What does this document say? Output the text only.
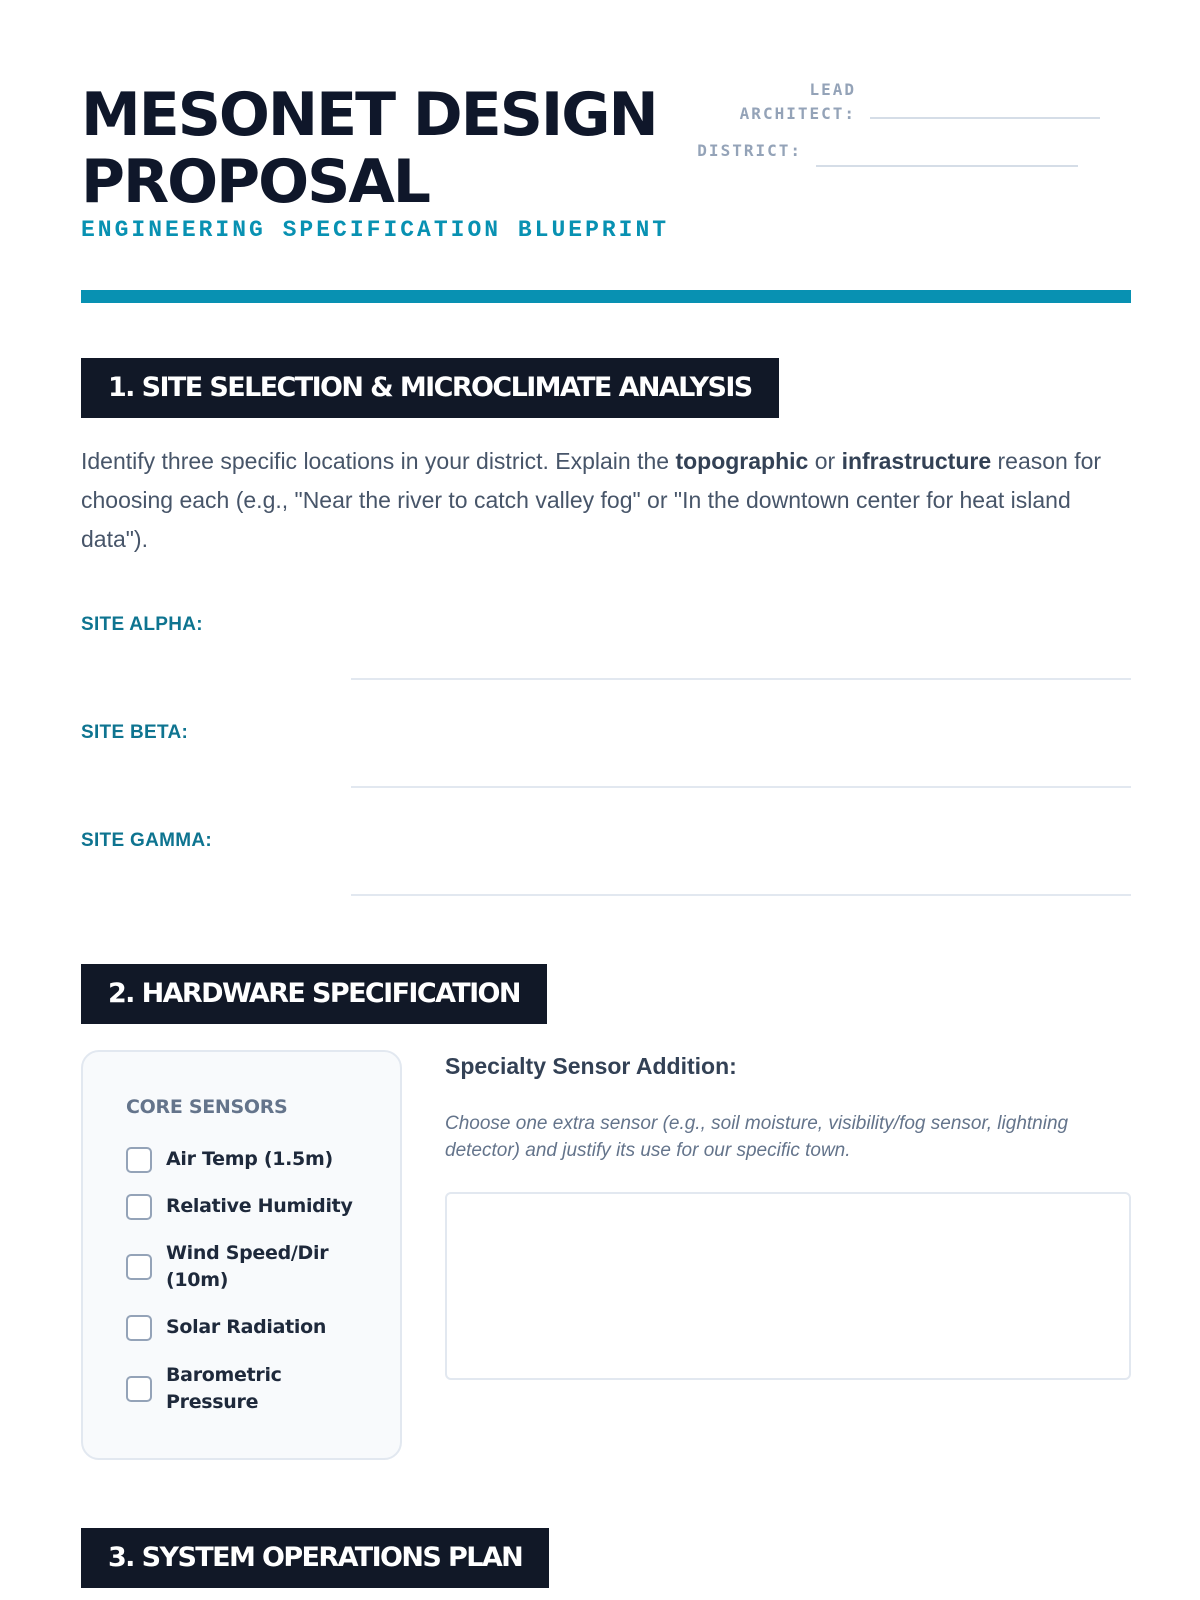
MESONET DESIGN PROPOSAL
ENGINEERING SPECIFICATION BLUEPRINT
LEAD
ARCHITECT:
DISTRICT:
1. SITE SELECTION & MICROCLIMATE ANALYSIS

Identify three specific locations in your district. Explain the topographic or infrastructure reason for choosing each (e.g., "Near the river to catch valley fog" or "In the downtown center for heat island data").

SITE ALPHA:
SITE BETA:
SITE GAMMA:
2. HARDWARE SPECIFICATION
CORE SENSORS
Air Temp (1.5m)
Relative Humidity
Wind Speed/Dir (10m)
Solar Radiation
Barometric Pressure
Specialty Sensor Addition:

Choose one extra sensor (e.g., soil moisture, visibility/fog sensor, lightning detector) and justify its use for our specific town.

3. SYSTEM OPERATIONS PLAN
